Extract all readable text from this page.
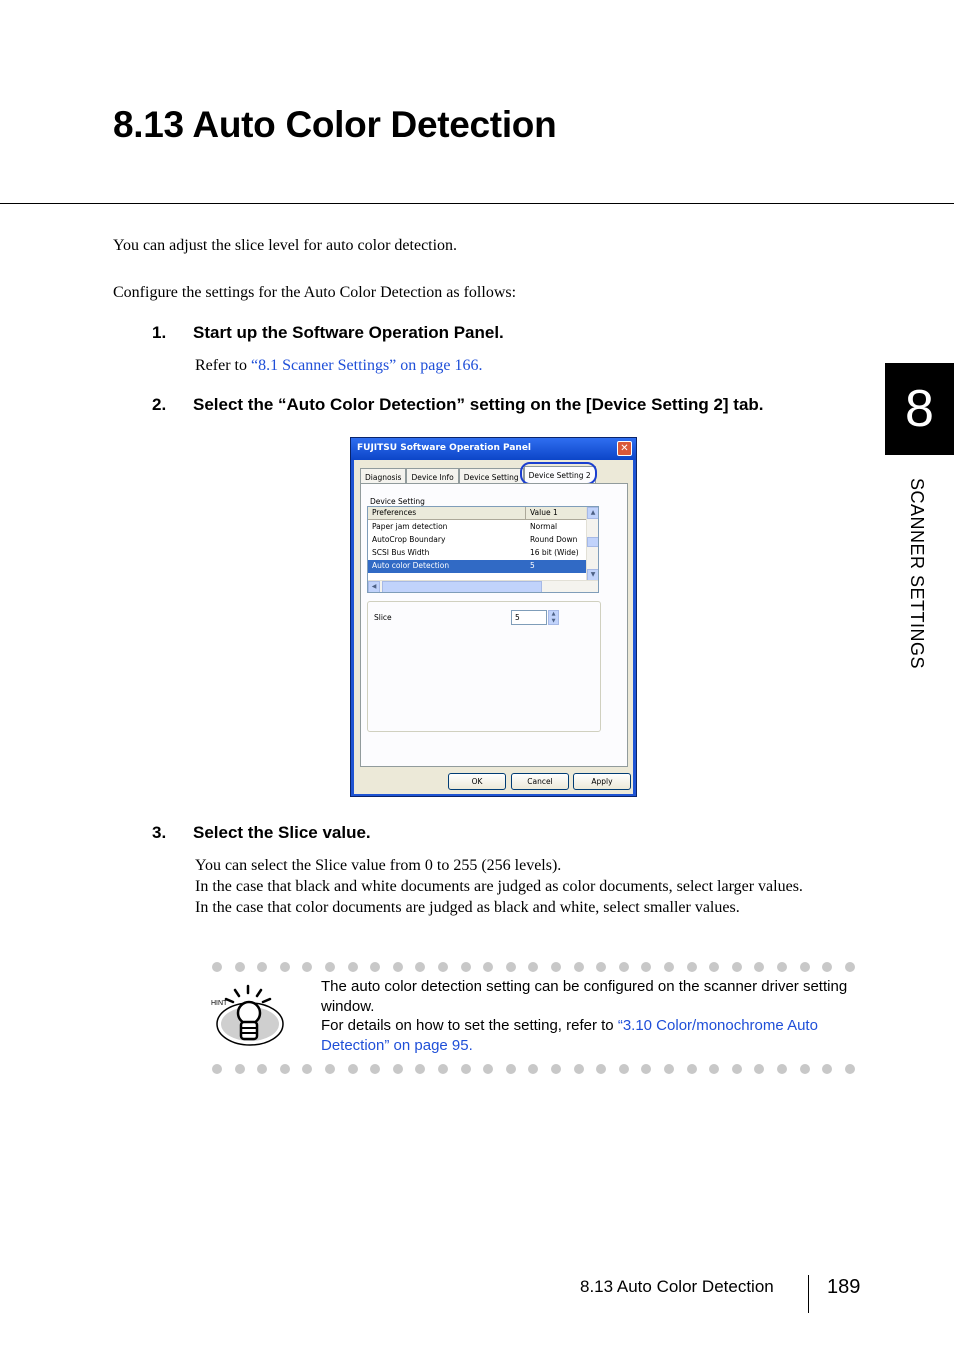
8.13 Auto Color Detection
You can adjust the slice level for auto color detection.
Configure the settings for the Auto Color Detection as follows:
1. Start up the Software Operation Panel.
Refer to “8.1 Scanner Settings” on page 166.
2. Select the “Auto Color Detection” setting on the [Device Setting 2] tab.
FUJITSU Software Operation Panel	✕
Diagnosis	Device Info	Device Setting	Device Setting 2
Device Setting
Preferences	Value 1
Paper jam detection	Normal
AutoCrop Boundary	Round Down
SCSI Bus Width	16 bit (Wide)
Auto color Detection	5
▲
▼
◀
Slice	5	▲
▼
OK	Cancel	Apply
3. Select the Slice value.
You can select the Slice value from 0 to 255 (256 levels).
In the case that black and white documents are judged as color documents, select larger values.
In the case that color documents are judged as black and white, select smaller values.
8
SCANNER SETTINGS
HINT
The auto color detection setting can be configured on the scanner driver setting window.
For details on how to set the setting, refer to “3.10 Color/monochrome Auto Detection” on page 95.
8.13 Auto Color Detection	189
